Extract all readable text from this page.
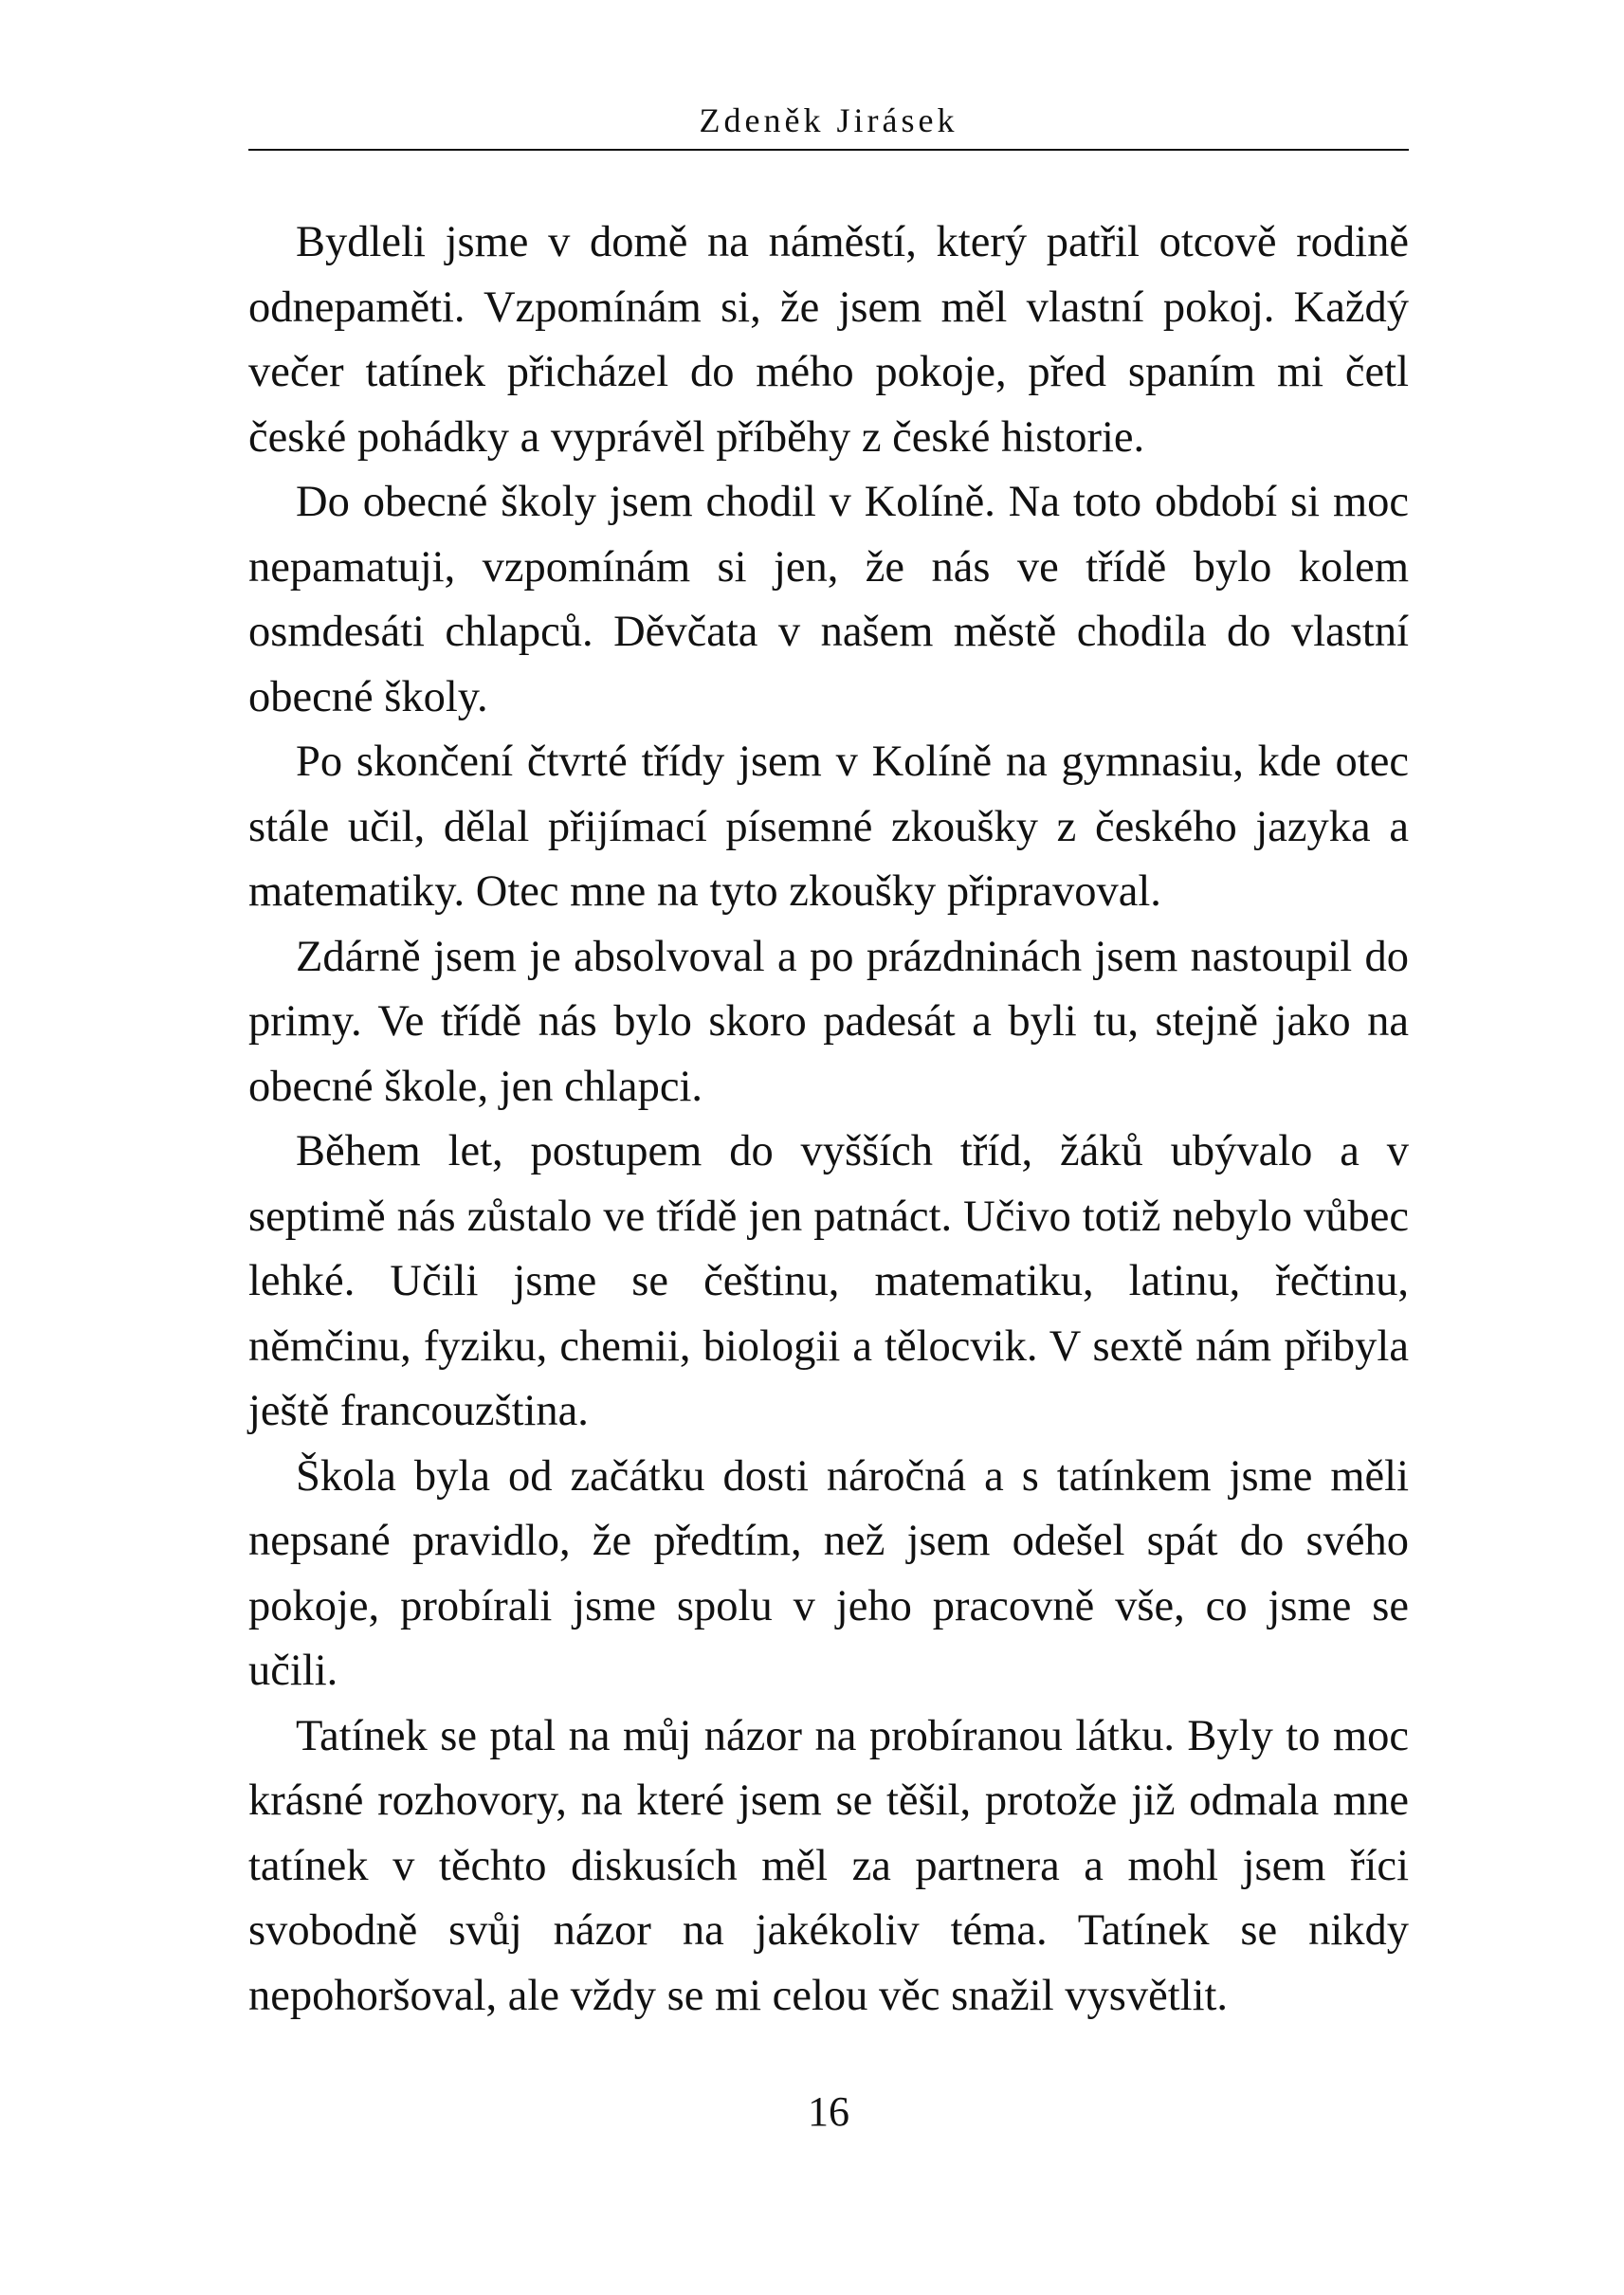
Zdeněk Jirásek

Bydleli jsme v domě na náměstí, který patřil otcově rodině odnepaměti. Vzpomínám si, že jsem měl vlastní pokoj. Každý večer tatínek přicházel do mého pokoje, před spaním mi četl české pohádky a vyprávěl příběhy z české historie.

Do obecné školy jsem chodil v Kolíně. Na toto období si moc nepamatuji, vzpomínám si jen, že nás ve třídě bylo kolem osmdesáti chlapců. Děvčata v našem městě chodila do vlastní obecné školy.

Po skončení čtvrté třídy jsem v Kolíně na gymnasiu, kde otec stále učil, dělal přijímací písemné zkoušky z českého jazyka a matematiky. Otec mne na tyto zkoušky připravoval.

Zdárně jsem je absolvoval a po prázdninách jsem nastoupil do primy. Ve třídě nás bylo skoro padesát a byli tu, stejně jako na obecné škole, jen chlapci.

Během let, postupem do vyšších tříd, žáků ubývalo a v septimě nás zůstalo ve třídě jen patnáct. Učivo totiž nebylo vůbec lehké. Učili jsme se češtinu, matematiku, latinu, řečtinu, němčinu, fyziku, chemii, biologii a tělocvik. V sextě nám přibyla ještě francouzština.

Škola byla od začátku dosti náročná a s tatínkem jsme měli nepsané pravidlo, že předtím, než jsem odešel spát do svého pokoje, probírali jsme spolu v jeho pracovně vše, co jsme se učili.

Tatínek se ptal na můj názor na probíranou látku. Byly to moc krásné rozhovory, na které jsem se těšil, protože již odmala mne tatínek v těchto diskusích měl za partnera a mohl jsem říci svobodně svůj názor na jakékoliv téma. Tatínek se nikdy nepohoršoval, ale vždy se mi celou věc snažil vysvětlit.

16
